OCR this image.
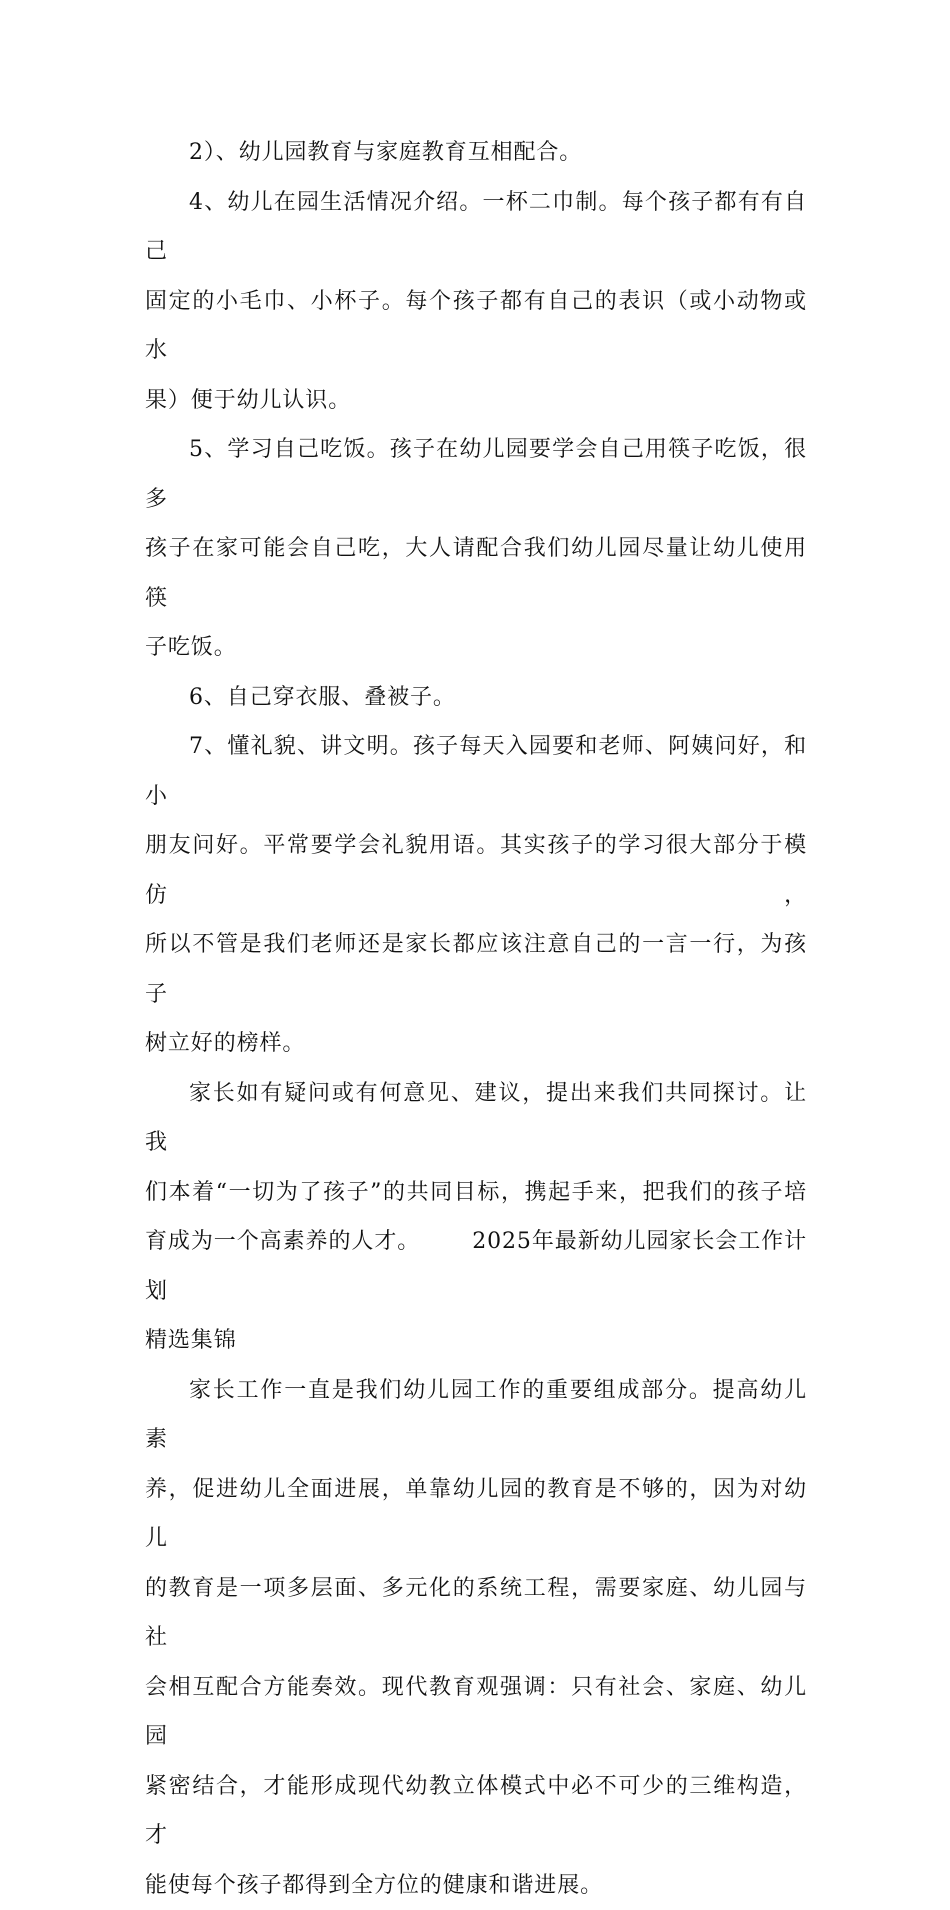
2）、幼儿园教育与家庭教育互相配合。

4、幼儿在园生活情况介绍。一杯二巾制。每个孩子都有有自己
固定的小毛巾、小杯子。每个孩子都有自己的表识（或小动物或水
果）便于幼儿认识。

5、学习自己吃饭。孩子在幼儿园要学会自己用筷子吃饭，很多
孩子在家可能会自己吃，大人请配合我们幼儿园尽量让幼儿使用筷
子吃饭。

6、自己穿衣服、叠被子。

7、懂礼貌、讲文明。孩子每天入园要和老师、阿姨问好，和小
朋友问好。平常要学会礼貌用语。其实孩子的学习很大部分于模仿，
所以不管是我们老师还是家长都应该注意自己的一言一行，为孩子
树立好的榜样。

家长如有疑问或有何意见、建议，提出来我们共同探讨。让我
们本着“一切为了孩子”的共同目标，携起手来，把我们的孩子培
育成为一个高素养的人才。 2025年最新幼儿园家长会工作计划
精选集锦

家长工作一直是我们幼儿园工作的重要组成部分。提高幼儿素
养，促进幼儿全面进展，单靠幼儿园的教育是不够的，因为对幼儿
的教育是一项多层面、多元化的系统工程，需要家庭、幼儿园与社
会相互配合方能奏效。现代教育观强调：只有社会、家庭、幼儿园
紧密结合，才能形成现代幼教立体模式中必不可少的三维构造，才
能使每个孩子都得到全方位的健康和谐进展。
